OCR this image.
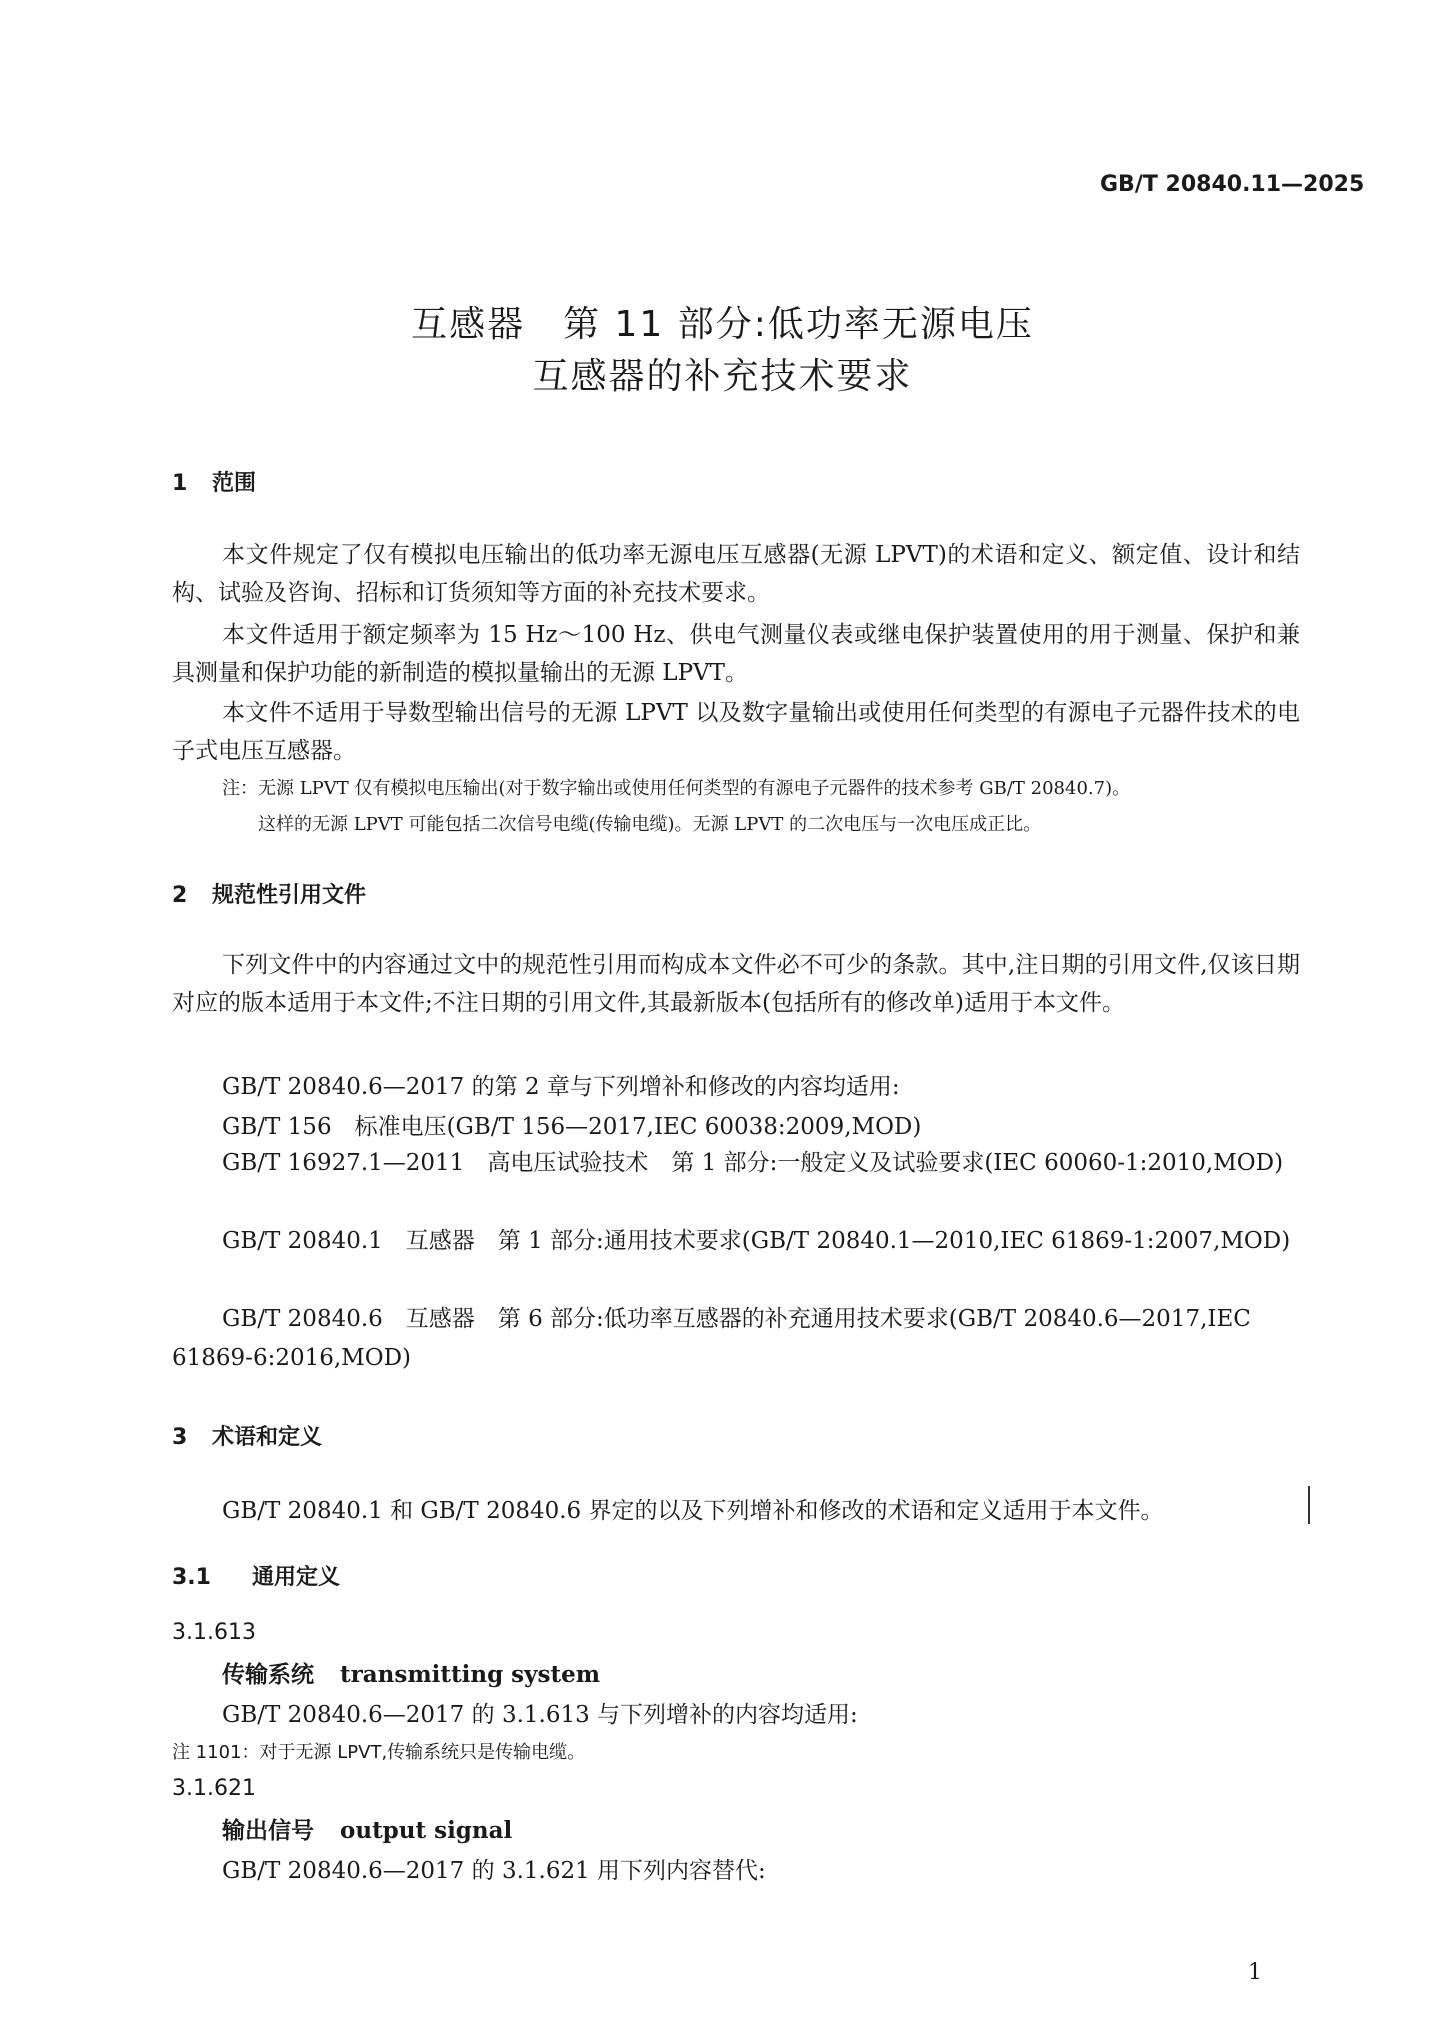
GB/T 20840.11—2025
互感器　第 11 部分:低功率无源电压
互感器的补充技术要求
1 范围
本文件规定了仅有模拟电压输出的低功率无源电压互感器(无源 LPVT)的术语和定义、额定值、设计和结构、试验及咨询、招标和订货须知等方面的补充技术要求。
本文件适用于额定频率为 15 Hz～100 Hz、供电气测量仪表或继电保护装置使用的用于测量、保护和兼具测量和保护功能的新制造的模拟量输出的无源 LPVT。
本文件不适用于导数型输出信号的无源 LPVT 以及数字量输出或使用任何类型的有源电子元器件技术的电子式电压互感器。
注：无源 LPVT 仅有模拟电压输出(对于数字输出或使用任何类型的有源电子元器件的技术参考 GB/T 20840.7)。
这样的无源 LPVT 可能包括二次信号电缆(传输电缆)。无源 LPVT 的二次电压与一次电压成正比。
2 规范性引用文件
下列文件中的内容通过文中的规范性引用而构成本文件必不可少的条款。其中,注日期的引用文件,仅该日期对应的版本适用于本文件;不注日期的引用文件,其最新版本(包括所有的修改单)适用于本文件。
GB/T 20840.6—2017 的第 2 章与下列增补和修改的内容均适用:
GB/T 156　标准电压(GB/T 156—2017,IEC 60038:2009,MOD)
GB/T 16927.1—2011　高电压试验技术　第 1 部分:一般定义及试验要求(IEC 60060-1:2010,MOD)
GB/T 20840.1　互感器　第 1 部分:通用技术要求(GB/T 20840.1—2010,IEC 61869-1:2007,MOD)
GB/T 20840.6　互感器　第 6 部分:低功率互感器的补充通用技术要求(GB/T 20840.6—2017,IEC 61869-6:2016,MOD)
3 术语和定义
GB/T 20840.1 和 GB/T 20840.6 界定的以及下列增补和修改的术语和定义适用于本文件。
3.1 通用定义
3.1.613
传输系统 transmitting system
GB/T 20840.6—2017 的 3.1.613 与下列增补的内容均适用:
注 1101：对于无源 LPVT,传输系统只是传输电缆。
3.1.621
输出信号 output signal
GB/T 20840.6—2017 的 3.1.621 用下列内容替代:
1
